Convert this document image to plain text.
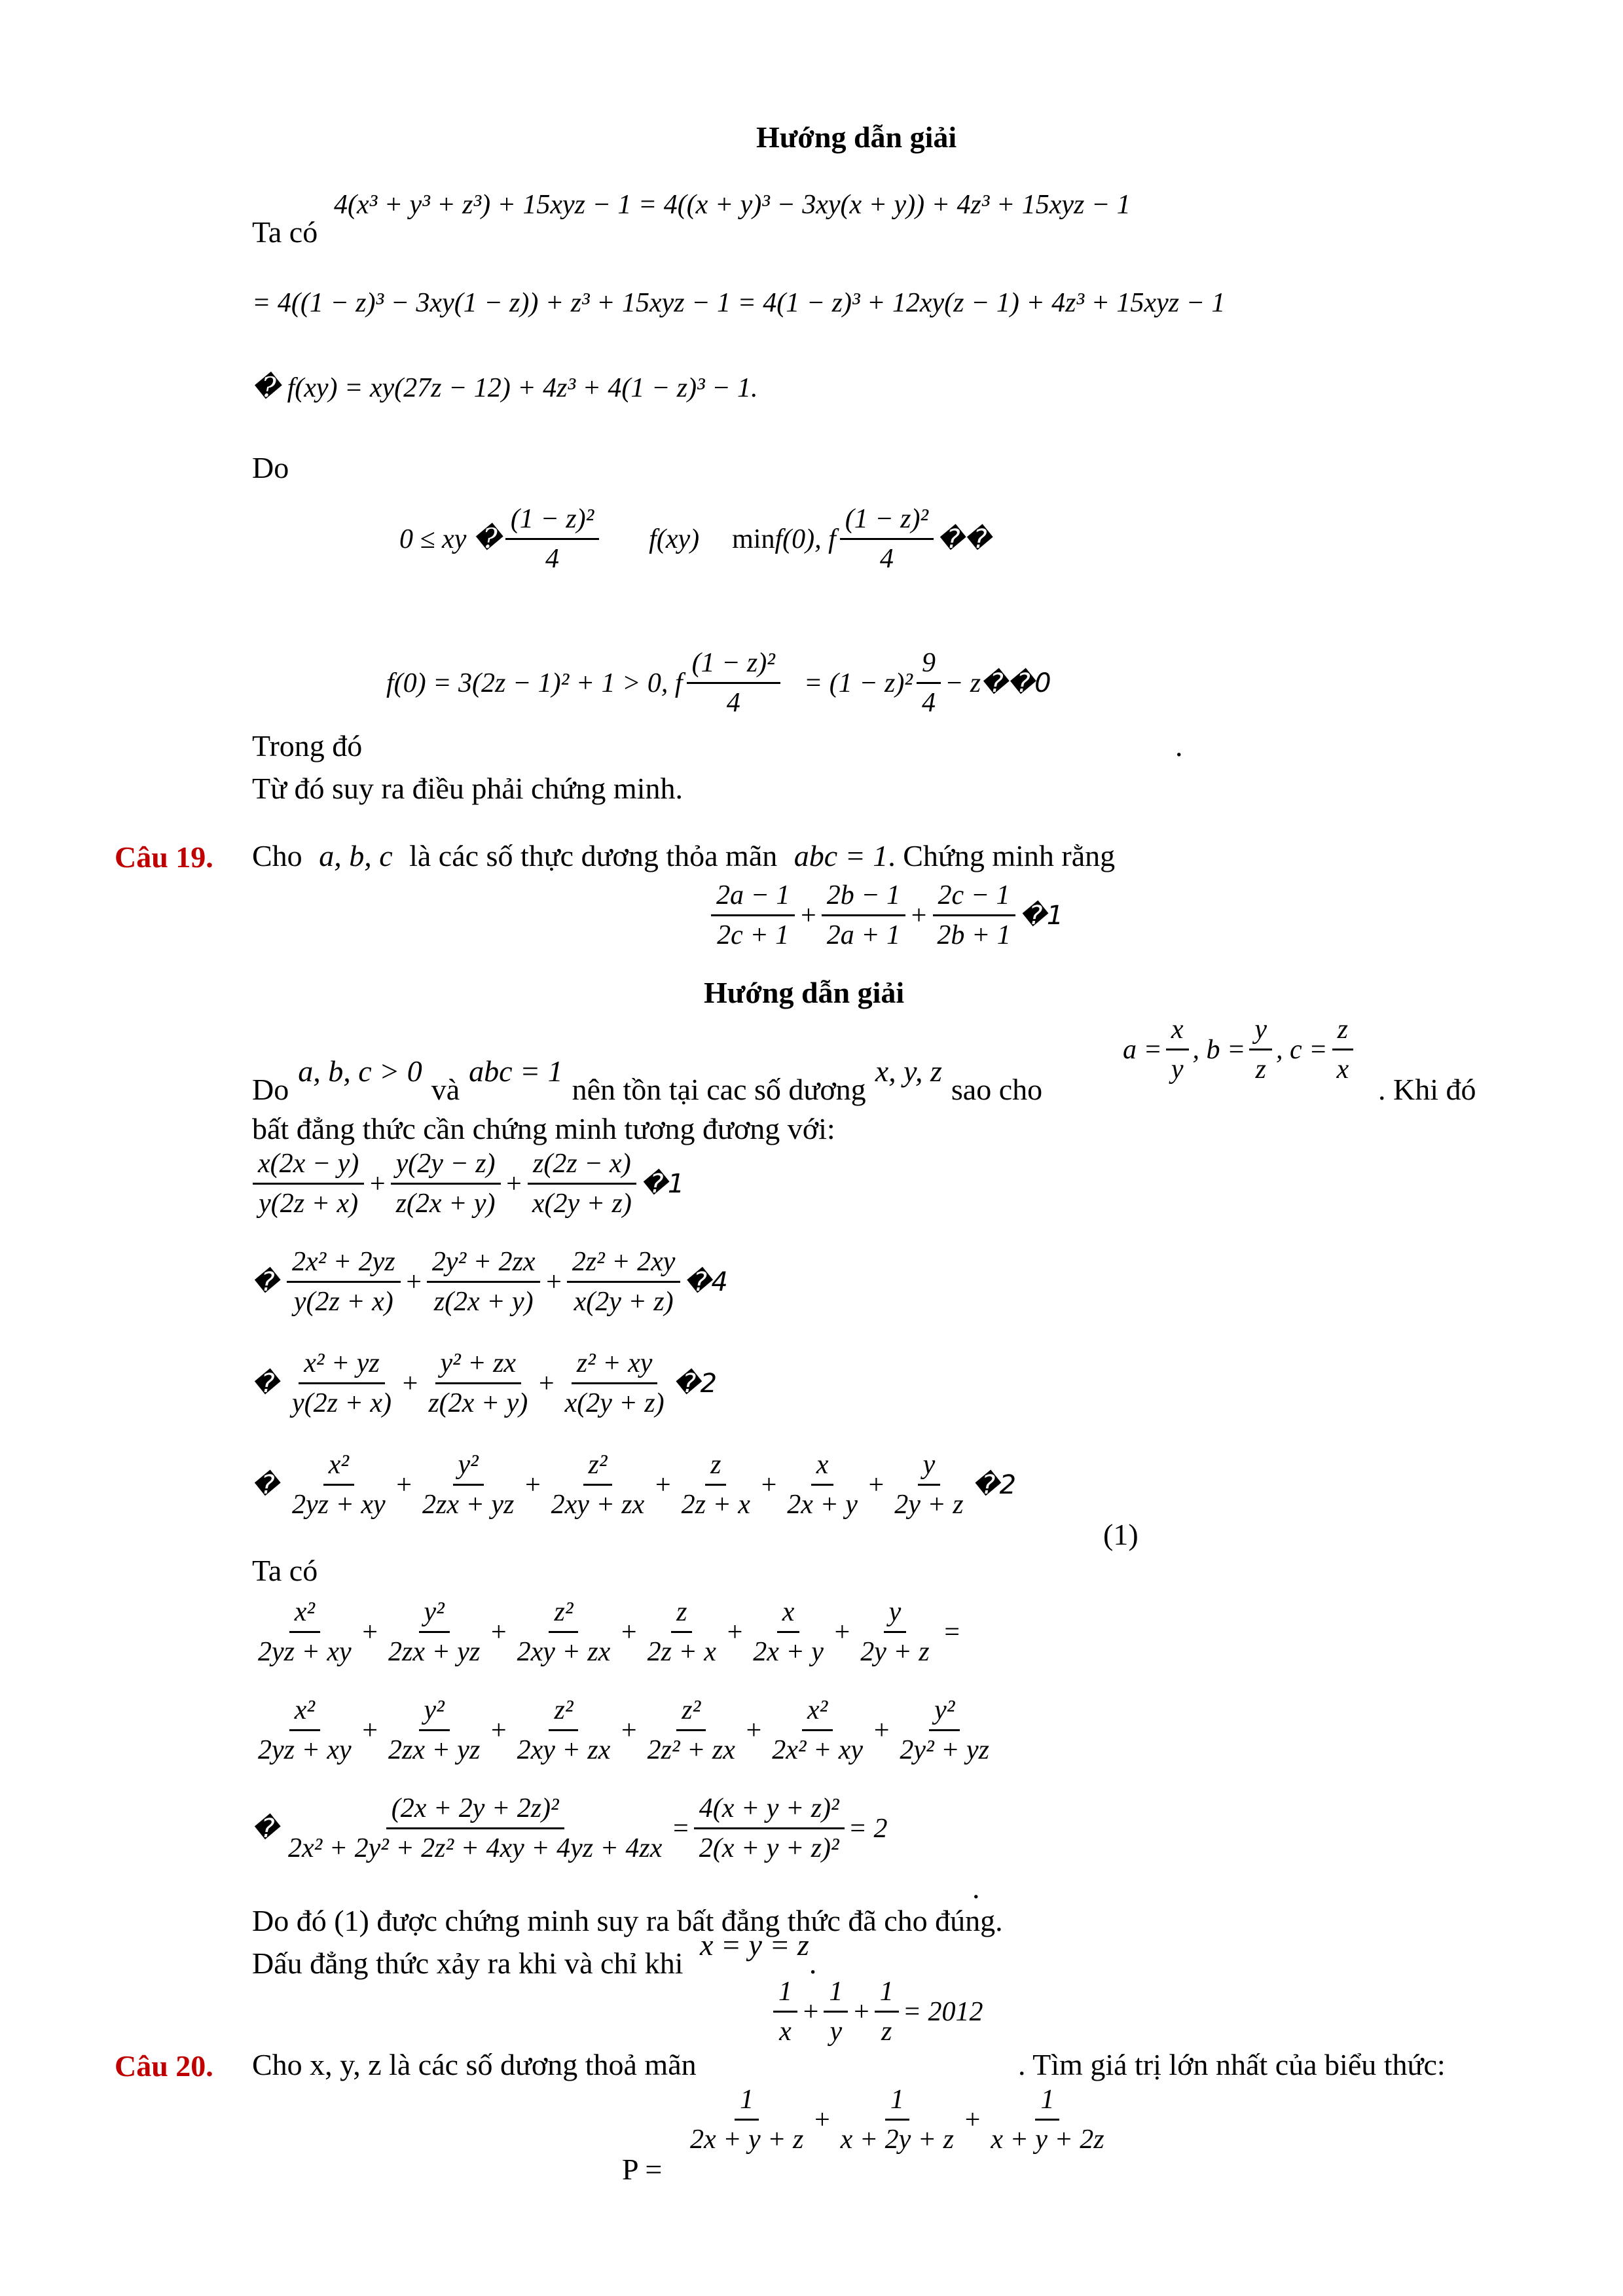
Hướng dẫn giải
Ta có
4(x³ + y³ + z³) + 15xyz − 1 = 4((x + y)³ − 3xy(x + y)) + 4z³ + 15xyz − 1
= 4((1 − z)³ − 3xy(1 − z)) + z³ + 15xyz − 1 = 4(1 − z)³ + 12xy(z − 1) + 4z³ + 15xyz − 1
� f(xy) = xy(27z − 12) + 4z³ + 4(1 − z)³ − 1.
Do
0 ≤ xy � $\frac{\text{(1 − z)²}}{4} f(xy)$ min f(0), f $\frac{\text{(1 − z)²}}{4}$ ��
f(0) = 3(2z − 1)² + 1 > 0, f $\frac{\text{(1 − z)²}}{4} = (1 - z)^2 \frac{9}{4} - z$ ��0
Trong đó	.
Từ đó suy ra điều phải chứng minh.
Câu 19. Cho a, b, c là các số thực dương thỏa mãn abc = 1. Chứng minh rằng
$\frac{2a - 1}{2c + 1} + \frac{2b - 1}{2a + 1} + \frac{2c - 1}{2b + 1}$ �1
Hướng dẫn giải
Do
a, b, c > 0
và
abc = 1
nên tồn tại cac số dương
x, y, z
sao cho
$a = \frac{x}{y}$ , $b = \frac{y}{z}$ , $c = \frac{z}{x}$
. Khi đó
bất đẳng thức cần chứng minh tương đương với:
$\frac{x(2x - y)}{y(2z + x)} + \frac{y(2y - z)}{z(2x + y)} + \frac{z(2z - x)}{x(2y + z)}$ �1
� $\frac{\text{2x² + 2yz}}{y(2z + x)} + \frac{\text{2y² + 2zx}}{z(2x + y)} + \frac{\text{2z² + 2xy}}{x(2y + z)}$ �4
� $\frac{\text{x² + yz}}{y(2z + x)} + \frac{\text{y² + zx}}{z(2x + y)} + \frac{\text{z² + xy}}{x(2y + z)}$ �2
� $\frac{\text{x²}}{2yz + xy} + \frac{\text{y²}}{2zx + yz} + \frac{\text{z²}}{2xy + zx} + \frac{z}{2z + x} + \frac{x}{2x + y} + \frac{y}{2y + z}$ �2
(1)
Ta có
$\frac{\text{x²}}{2yz + xy} + \frac{\text{y²}}{2zx + yz} + \frac{\text{z²}}{2xy + zx} + \frac{z}{2z + x} + \frac{x}{2x + y} + \frac{y}{2y + z}$ =
$\frac{\text{x²}}{2yz + xy} + \frac{\text{y²}}{2zx + yz} + \frac{\text{z²}}{2xy + zx} + \frac{\text{z²}}{\text{2z² + zx}} + \frac{\text{x²}}{\text{2x² + xy}} + \frac{\text{y²}}{\text{2y² + yz}}$
� $\frac{\text{(2x + 2y + 2z)²}}{\text{2x² + 2y² + 2z² + 4xy + 4yz + 4zx}} = \frac{\text{4(x + y + z)²}}{\text{2(x + y + z)²}} = 2$
.
Do đó (1) được chứng minh suy ra bất đẳng thức đã cho đúng.
Dấu đẳng thức xảy ra khi và chỉ khi x = y = z.
$\frac{1}{x} + \frac{1}{y} + \frac{1}{z} = 2012$
Câu 20. Cho x, y, z là các số dương thoả mãn	. Tìm giá trị lớn nhất của biểu thức:
P =
$\frac{1}{2x + y + z} + \frac{1}{x + 2y + z} + \frac{1}{x + y + 2z}$
